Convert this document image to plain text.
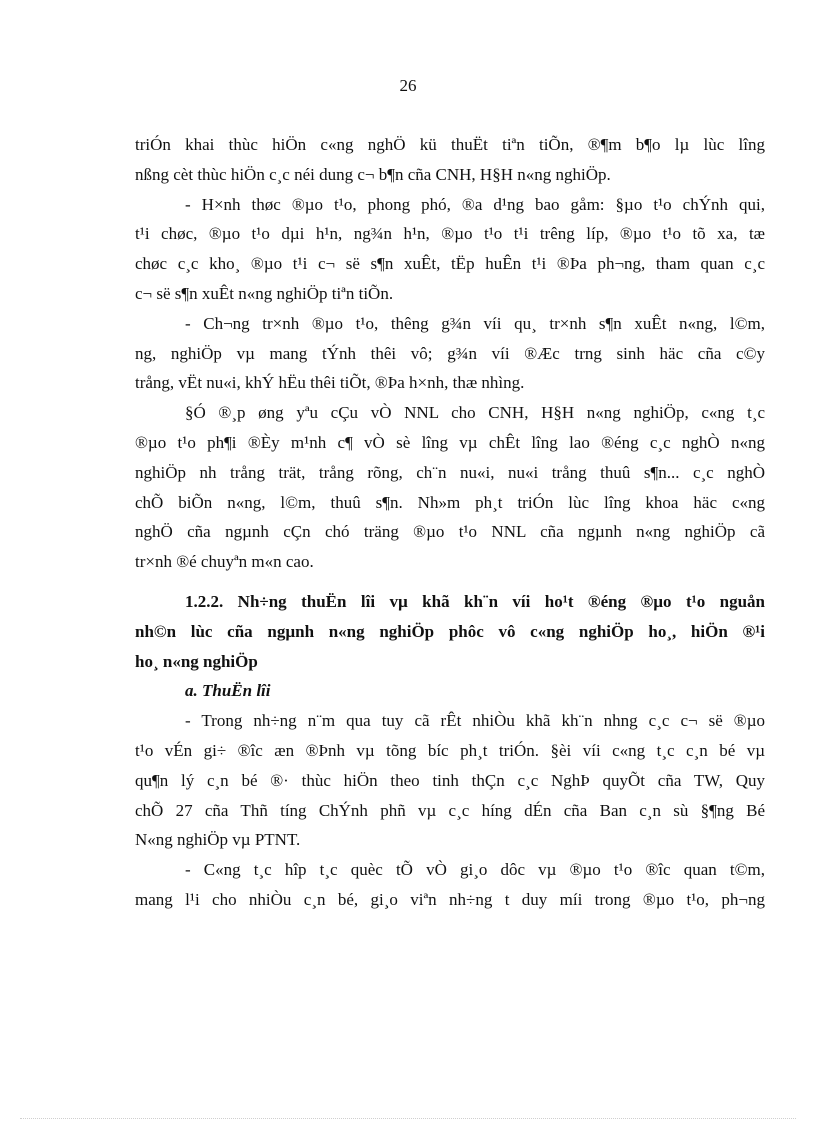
26

triÓn khai thùc hiÖn c«ng nghÖ kü thuËt tiªn tiÕn, ®¶m b¶o lµ lùc lîng
nßng cèt thùc hiÖn c¸c néi dung c¬ b¶n cña CNH, H§H n«ng nghiÖp.

- H×nh thøc ®µo t¹o, phong phó, ®a d¹ng bao gåm: §µo t¹o chÝnh qui,
t¹i chøc, ®µo t¹o dµi h¹n, ng¾n h¹n, ®µo t¹o t¹i trêng líp, ®µo t¹o tõ xa, tæ
chøc c¸c kho¸ ®µo t¹i c¬ së s¶n xuÊt, tËp huÊn t¹i ®Þa ph¬ng, tham quan c¸c
c¬ së s¶n xuÊt n«ng nghiÖp tiªn tiÕn.

- Ch¬ng tr×nh ®µo t¹o, thêng g¾n víi qu¸ tr×nh s¶n xuÊt n«ng, l©m,
ng, nghiÖp vµ mang tÝnh thêi vô; g¾n víi ®Æc trng sinh häc cña c©y
trång, vËt nu«i, khÝ hËu thêi tiÕt, ®Þa h×nh, thæ nhìng.

§Ó ®¸p øng yªu cÇu vÒ NNL cho CNH, H§H n«ng nghiÖp, c«ng t¸c
®µo t¹o ph¶i ®Èy m¹nh c¶ vÒ sè lîng vµ chÊt lîng lao ®éng c¸c nghÒ n«ng
nghiÖp nh trång trät, trång rõng, ch¨n nu«i, nu«i trång thuû s¶n... c¸c nghÒ
chÕ biÕn n«ng, l©m, thuû s¶n. Nh»m ph¸t triÓn lùc lîng khoa häc c«ng
nghÖ cña ngµnh cÇn chó träng ®µo t¹o NNL cña ngµnh n«ng nghiÖp cã
tr×nh ®é chuyªn m«n cao.

1.2.2. Nh÷ng thuËn lîi vµ khã kh¨n víi ho¹t ®éng ®µo t¹o nguån
nh©n lùc cña ngµnh n«ng nghiÖp phôc vô c«ng nghiÖp ho¸, hiÖn ®¹i
ho¸ n«ng nghiÖp

a. ThuËn lîi

- Trong nh÷ng n¨m qua tuy cã rÊt nhiÒu khã kh¨n nhng c¸c c¬ së ®µo
t¹o vÉn gi÷ ®îc æn ®Þnh vµ tõng bíc ph¸t triÓn. §èi víi c«ng t¸c c¸n bé vµ
qu¶n lý c¸n bé ®· thùc hiÖn theo tinh thÇn c¸c NghÞ quyÕt cña TW, Quy
chÕ 27 cña Thñ tíng ChÝnh phñ vµ c¸c híng dÉn cña Ban c¸n sù §¶ng Bé
N«ng nghiÖp vµ PTNT.

- C«ng t¸c hîp t¸c quèc tÕ vÒ gi¸o dôc vµ ®µo t¹o ®îc quan t©m,
mang l¹i cho nhiÒu c¸n bé, gi¸o viªn nh÷ng t duy míi trong ®µo t¹o, ph¬ng
